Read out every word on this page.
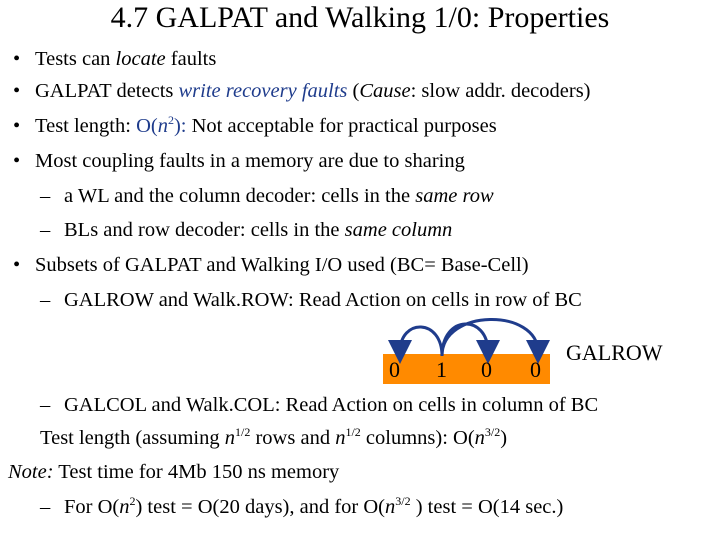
4.7 GALPAT and Walking 1/0: Properties
• Tests can locate faults
• GALPAT detects write recovery faults (Cause: slow addr. decoders)
• Test length: $O(n^2)$: Not acceptable for practical purposes
• Most coupling faults in a memory are due to sharing
– a WL and the column decoder: cells in the same row
– BLs and row decoder: cells in the same column
• Subsets of GALPAT and Walking I/O used (BC= Base-Cell)
– GALROW and Walk.ROW: Read Action on cells in row of BC
0 1 0 0
GALROW
– GALCOL and Walk.COL: Read Action on cells in column of BC
Test length (assuming $n^{1/2}$ rows and $n^{1/2}$ columns): $O(n^{3/2})$
Note: Test time for 4Mb 150 ns memory
– For $O(n^2)$ test = O(20 days), and for $O(n^{3/2}$ ) test = O(14 sec.)
